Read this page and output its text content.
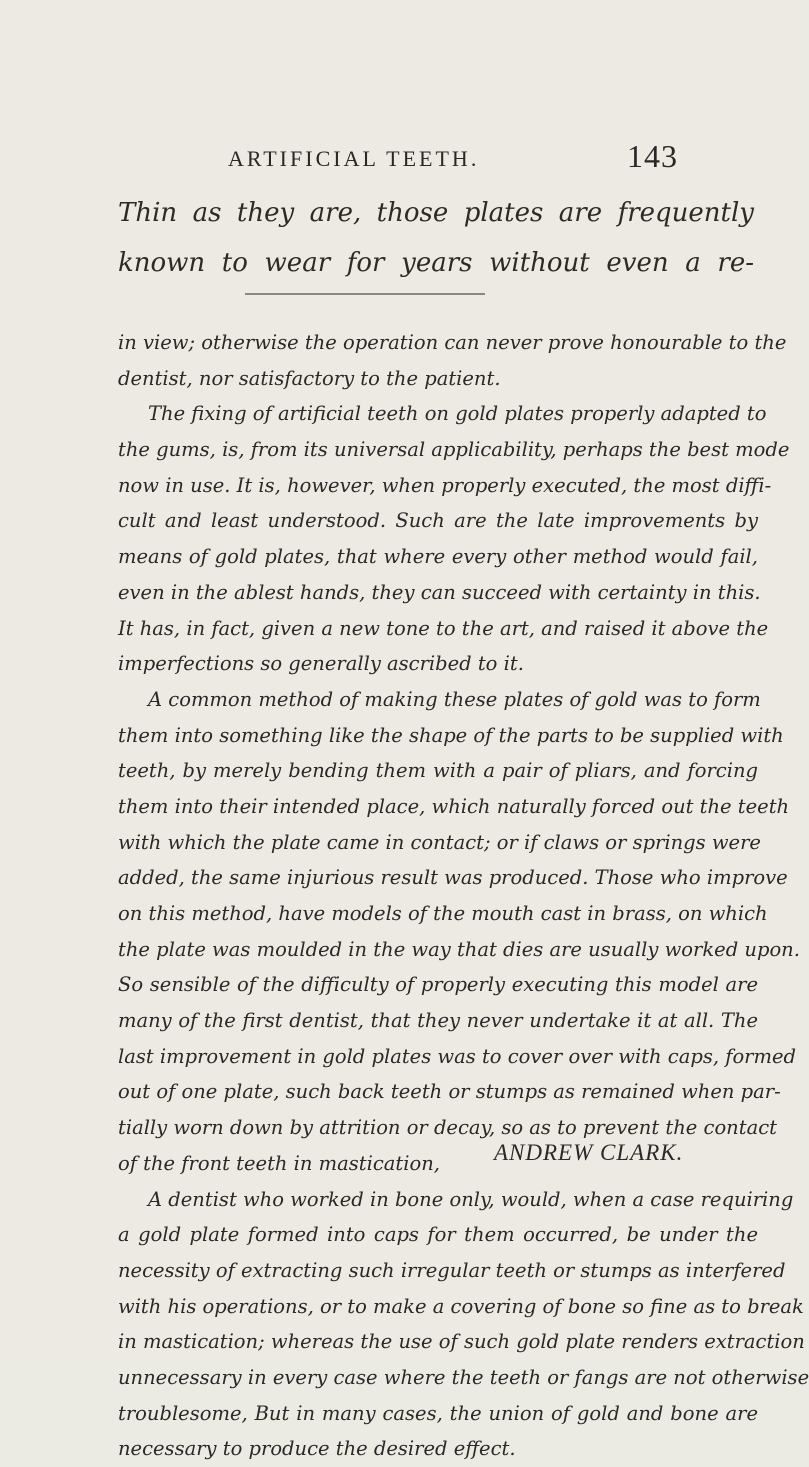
ARTIFICIAL TEETH.	143
Thin as they are, those plates are frequently
known to wear for years without even a re-
in view; otherwise the operation can never prove honourable to the
dentist, nor satisfactory to the patient.
The fixing of artificial teeth on gold plates properly adapted to
the gums, is, from its universal applicability, perhaps the best mode
now in use. It is, however, when properly executed, the most diffi-
cult and least understood. Such are the late improvements by
means of gold plates, that where every other method would fail,
even in the ablest hands, they can succeed with certainty in this.
It has, in fact, given a new tone to the art, and raised it above the
imperfections so generally ascribed to it.
A common method of making these plates of gold was to form
them into something like the shape of the parts to be supplied with
teeth, by merely bending them with a pair of pliars, and forcing
them into their intended place, which naturally forced out the teeth
with which the plate came in contact; or if claws or springs were
added, the same injurious result was produced. Those who improve
on this method, have models of the mouth cast in brass, on which
the plate was moulded in the way that dies are usually worked upon.
So sensible of the difficulty of properly executing this model are
many of the first dentist, that they never undertake it at all. The
last improvement in gold plates was to cover over with caps, formed
out of one plate, such back teeth or stumps as remained when par-
tially worn down by attrition or decay, so as to prevent the contact
of the front teeth in mastication,
A dentist who worked in bone only, would, when a case requiring
a gold plate formed into caps for them occurred, be under the
necessity of extracting such irregular teeth or stumps as interfered
with his operations, or to make a covering of bone so fine as to break
in mastication; whereas the use of such gold plate renders extraction
unnecessary in every case where the teeth or fangs are not otherwise
troublesome, But in many cases, the union of gold and bone are
necessary to produce the desired effect.
ANDREW CLARK.
